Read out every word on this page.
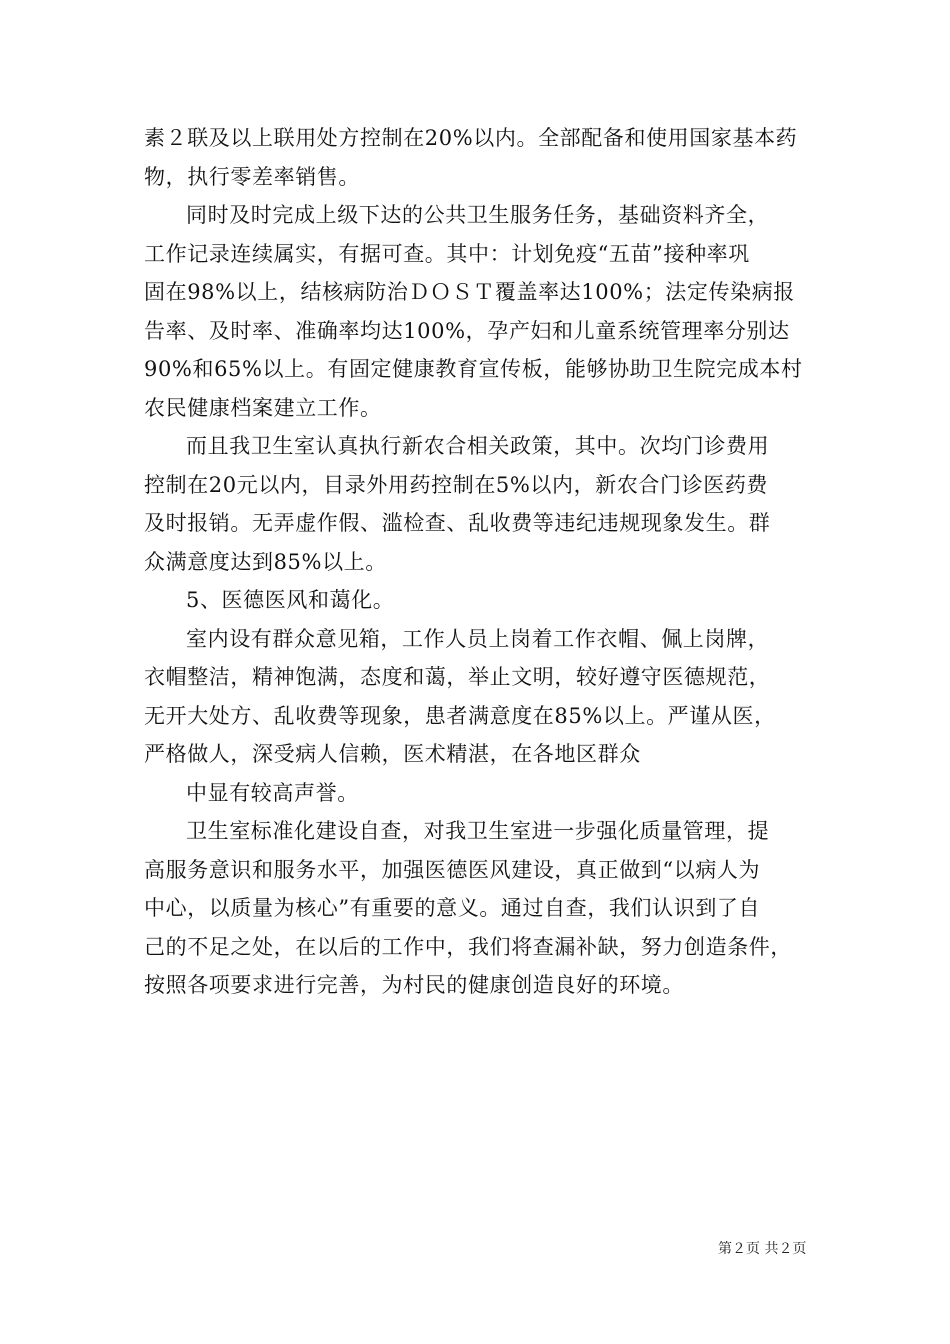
素２联及以上联用处方控制在20%以内。全部配备和使用国家基本药
物，执行零差率销售。
同时及时完成上级下达的公共卫生服务任务，基础资料齐全，
工作记录连续属实，有据可查。其中：计划免疫“五苗”接种率巩
固在98%以上，结核病防治ＤＯＳＴ覆盖率达100%；法定传染病报
告率、及时率、准确率均达100%，孕产妇和儿童系统管理率分别达
90%和65%以上。有固定健康教育宣传板，能够协助卫生院完成本村
农民健康档案建立工作。
而且我卫生室认真执行新农合相关政策，其中。次均门诊费用
控制在20元以内，目录外用药控制在5%以内，新农合门诊医药费
及时报销。无弄虚作假、滥检查、乱收费等违纪违规现象发生。群
众满意度达到85%以上。
5、医德医风和蔼化。
室内设有群众意见箱，工作人员上岗着工作衣帽、佩上岗牌，
衣帽整洁，精神饱满，态度和蔼，举止文明，较好遵守医德规范，
无开大处方、乱收费等现象，患者满意度在85%以上。严谨从医，
严格做人，深受病人信赖，医术精湛，在各地区群众
中显有较高声誉。
卫生室标准化建设自查，对我卫生室进一步强化质量管理，提
高服务意识和服务水平，加强医德医风建设，真正做到“以病人为
中心，以质量为核心”有重要的意义。通过自查，我们认识到了自
己的不足之处，在以后的工作中，我们将查漏补缺，努力创造条件，
按照各项要求进行完善，为村民的健康创造良好的环境。
第２页 共２页
